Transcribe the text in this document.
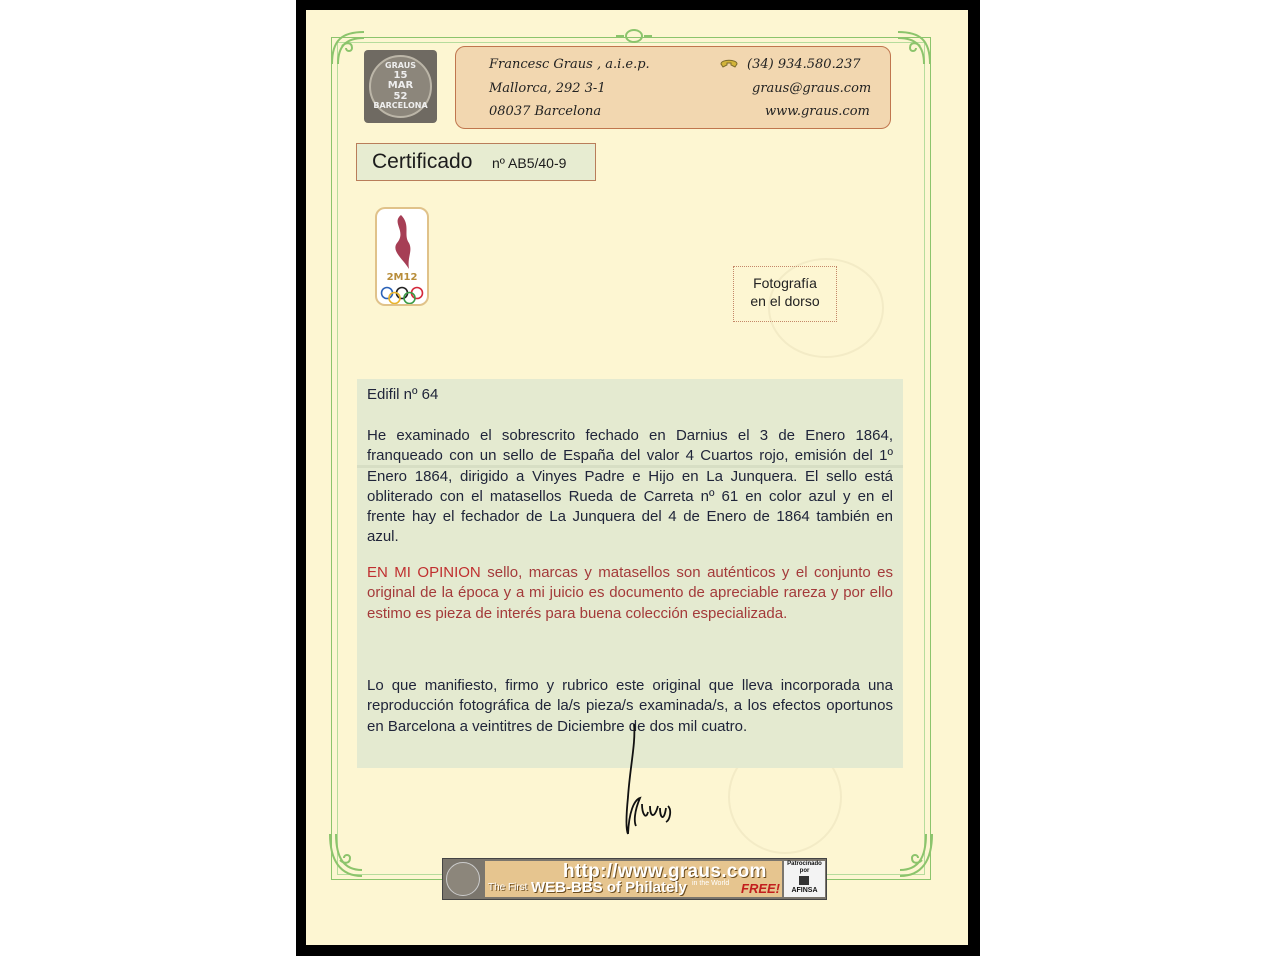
GRAUS
15
MAR
52
BARCELONA
Francesc Graus , a.i.e.p.
Mallorca, 292 3-1
08037 Barcelona
(34) 934.580.237
graus@graus.com
www.graus.com
Certificado nº AB5/40-9
2M12	Fotografía
en el dorso
Edifil nº 64
He examinado el sobrescrito fechado en Darnius el 3 de Enero 1864, franqueado con un sello de España del valor 4 Cuartos rojo, emisión del 1º Enero 1864, dirigido a Vinyes Padre e Hijo en La Junquera. El sello está obliterado con el matasellos Rueda de Carreta nº 61 en color azul y en el frente hay el fechador de La Junquera del 4 de Enero de 1864 también en azul.
EN MI OPINION sello, marcas y matasellos son auténticos y el conjunto es original de la época y a mi juicio es documento de apreciable rareza y por ello estimo es pieza de interés para buena colección especializada.
Lo que manifiesto, firmo y rubrico este original que lleva incorporada una reproducción fotográfica de la/s pieza/s examinada/s, a los efectos oportunos en Barcelona a veintitres de Diciembre de dos mil cuatro.
http://www.graus.com
The First WEB-BBS of Philately in the World FREE!
Patrocinado
por
AFINSA
